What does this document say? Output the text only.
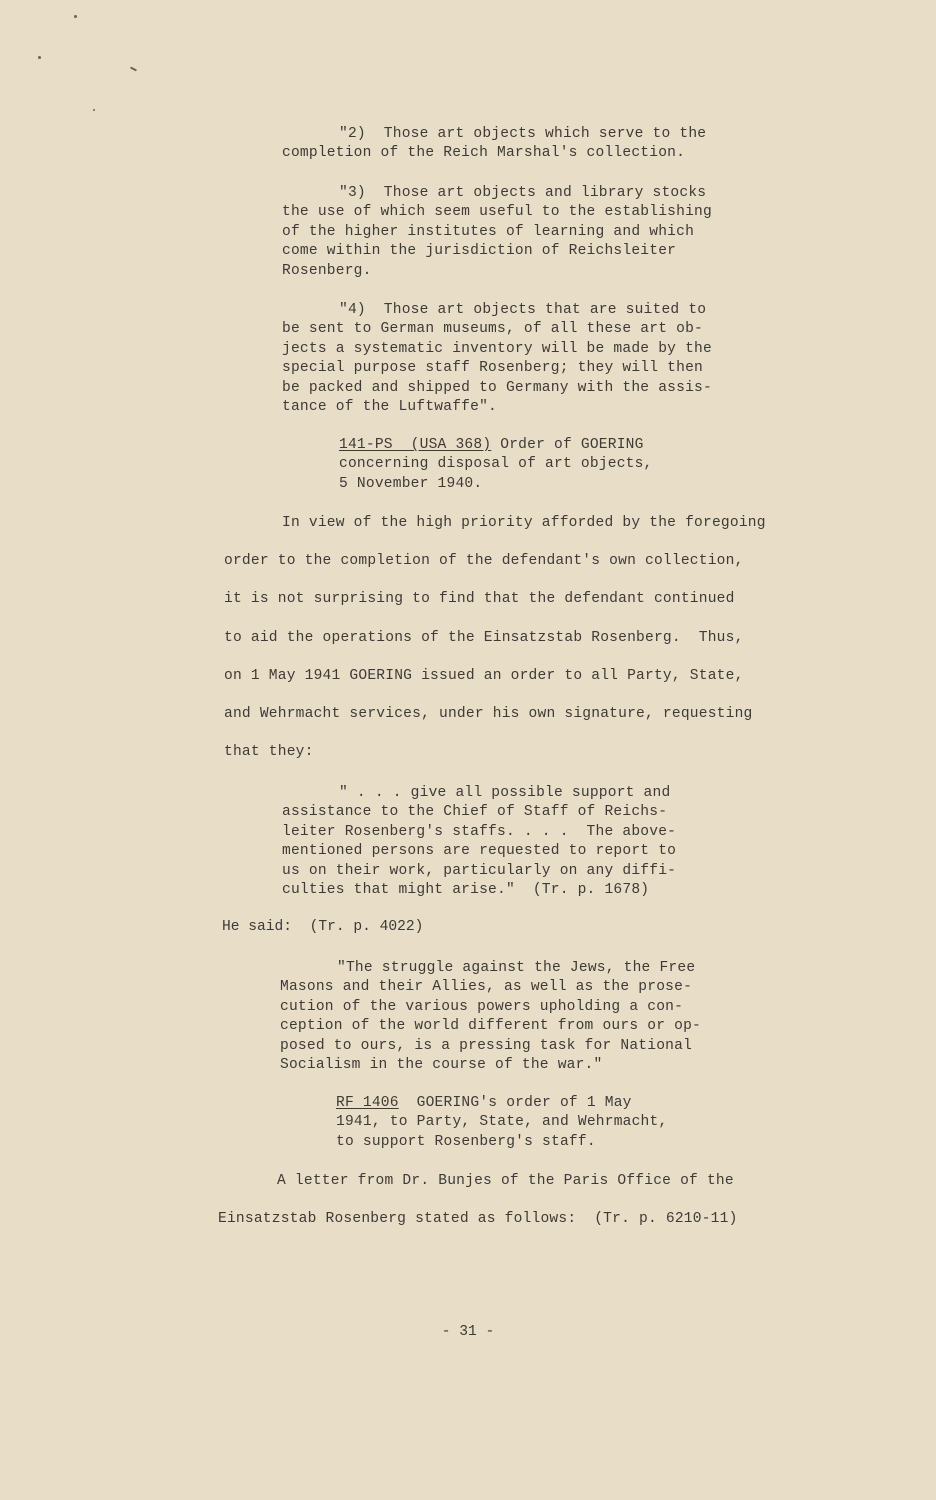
"2)  Those art objects which serve to the
completion of the Reich Marshal's collection.
"3)  Those art objects and library stocks
the use of which seem useful to the establishing
of the higher institutes of learning and which
come within the jurisdiction of Reichsleiter
Rosenberg.
"4)  Those art objects that are suited to
be sent to German museums, of all these art ob-
jects a systematic inventory will be made by the
special purpose staff Rosenberg; they will then
be packed and shipped to Germany with the assis-
tance of the Luftwaffe".
141-PS  (USA 368) Order of GOERING
concerning disposal of art objects,
5 November 1940.
In view of the high priority afforded by the foregoing
order to the completion of the defendant's own collection,
it is not surprising to find that the defendant continued
to aid the operations of the Einsatzstab Rosenberg.  Thus,
on 1 May 1941 GOERING issued an order to all Party, State,
and Wehrmacht services, under his own signature, requesting
that they:
" . . . give all possible support and
assistance to the Chief of Staff of Reichs-
leiter Rosenberg's staffs. . . .  The above-
mentioned persons are requested to report to
us on their work, particularly on any diffi-
culties that might arise."  (Tr. p. 1678)
He said:  (Tr. p. 4022)
"The struggle against the Jews, the Free
Masons and their Allies, as well as the prose-
cution of the various powers upholding a con-
ception of the world different from ours or op-
posed to ours, is a pressing task for National
Socialism in the course of the war."
RF 1406  GOERING's order of 1 May
1941, to Party, State, and Wehrmacht,
to support Rosenberg's staff.
A letter from Dr. Bunjes of the Paris Office of the
Einsatzstab Rosenberg stated as follows:  (Tr. p. 6210-11)
- 31 -
